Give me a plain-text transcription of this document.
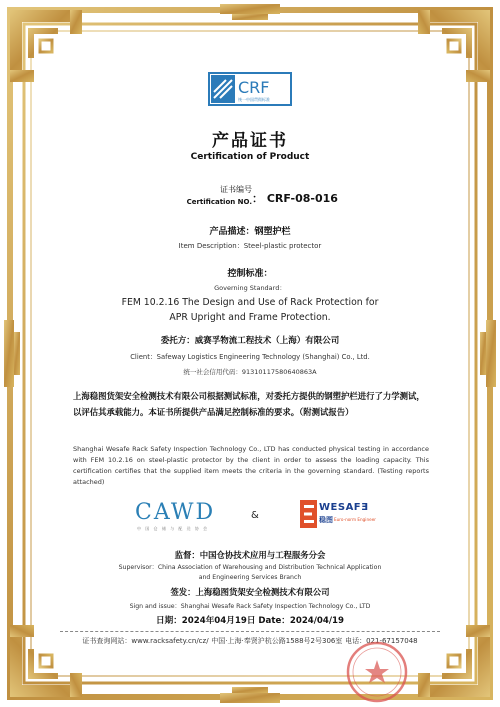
CRF
统一中国贯彻标准
产品证书
Certification of Product
证书编号
Certification NO. ： CRF-08-016
产品描述：钢塑护栏
Item Description：Steel-plastic protector
控制标准：
Governing Standard：
FEM 10.2.16 The Design and Use of Rack Protection for
APR Upright and Frame Protection.
委托方：威赛孚物流工程技术（上海）有限公司
Client：Safeway Logistics Engineering Technology (Shanghai) Co., Ltd.
统一社会信用代码：91310117580640863A
上海稳图货架安全检测技术有限公司根据测试标准，对委托方提供的钢塑护栏进行了力学测试，以评估其承载能力。本证书所提供产品满足控制标准的要求。（附测试报告）
Shanghai Wesafe Rack Safety Inspection Technology Co., LTD has conducted physical testing in accordance with FEM 10.2.16 on steel-plastic protector by the client in order to assess the loading capacity. This certification certifies that the supplied item meets the criteria in the governing standard. (Testing reports attached)
CAWD
中 国 仓 储 与 配 送 协 会
&
WESAFƎ
稳图 Euro-norm Engineer
监督：中国仓协技术应用与工程服务分会
Supervisor：China Association of Warehousing and Distribution Technical Application
and Engineering Services Branch
签发：上海稳图货架安全检测技术有限公司
Sign and issue：Shanghai Wesafe Rack Safety Inspection Technology Co., LTD
日期：2024年04月19日 Date：2024/04/19
证书查询网站：www.racksafety.cn/cz/ 中国·上海·奉贤沪杭公路1588号2号306室 电话：021-67157048
